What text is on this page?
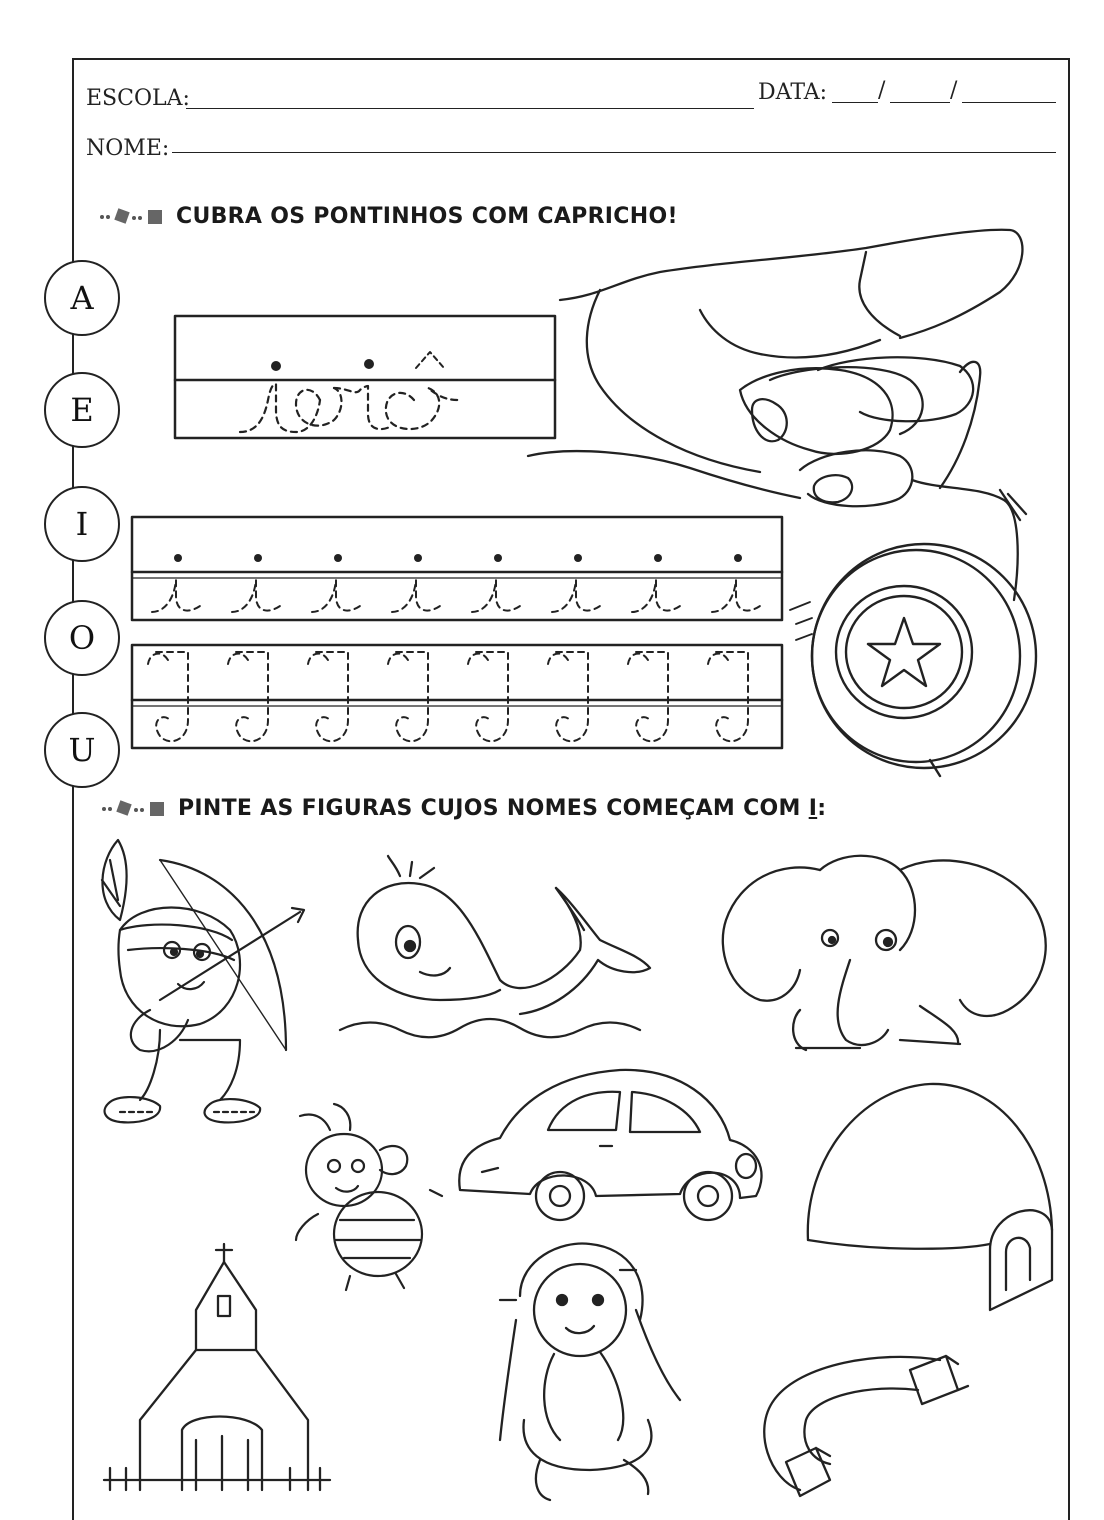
ESCOLA:	DATA: /	/
NOME:
CUBRA OS PONTINHOS COM CAPRICHO!
A
E
I
O
U
PINTE AS FIGURAS CUJOS NOMES COMEÇAM COM I:
